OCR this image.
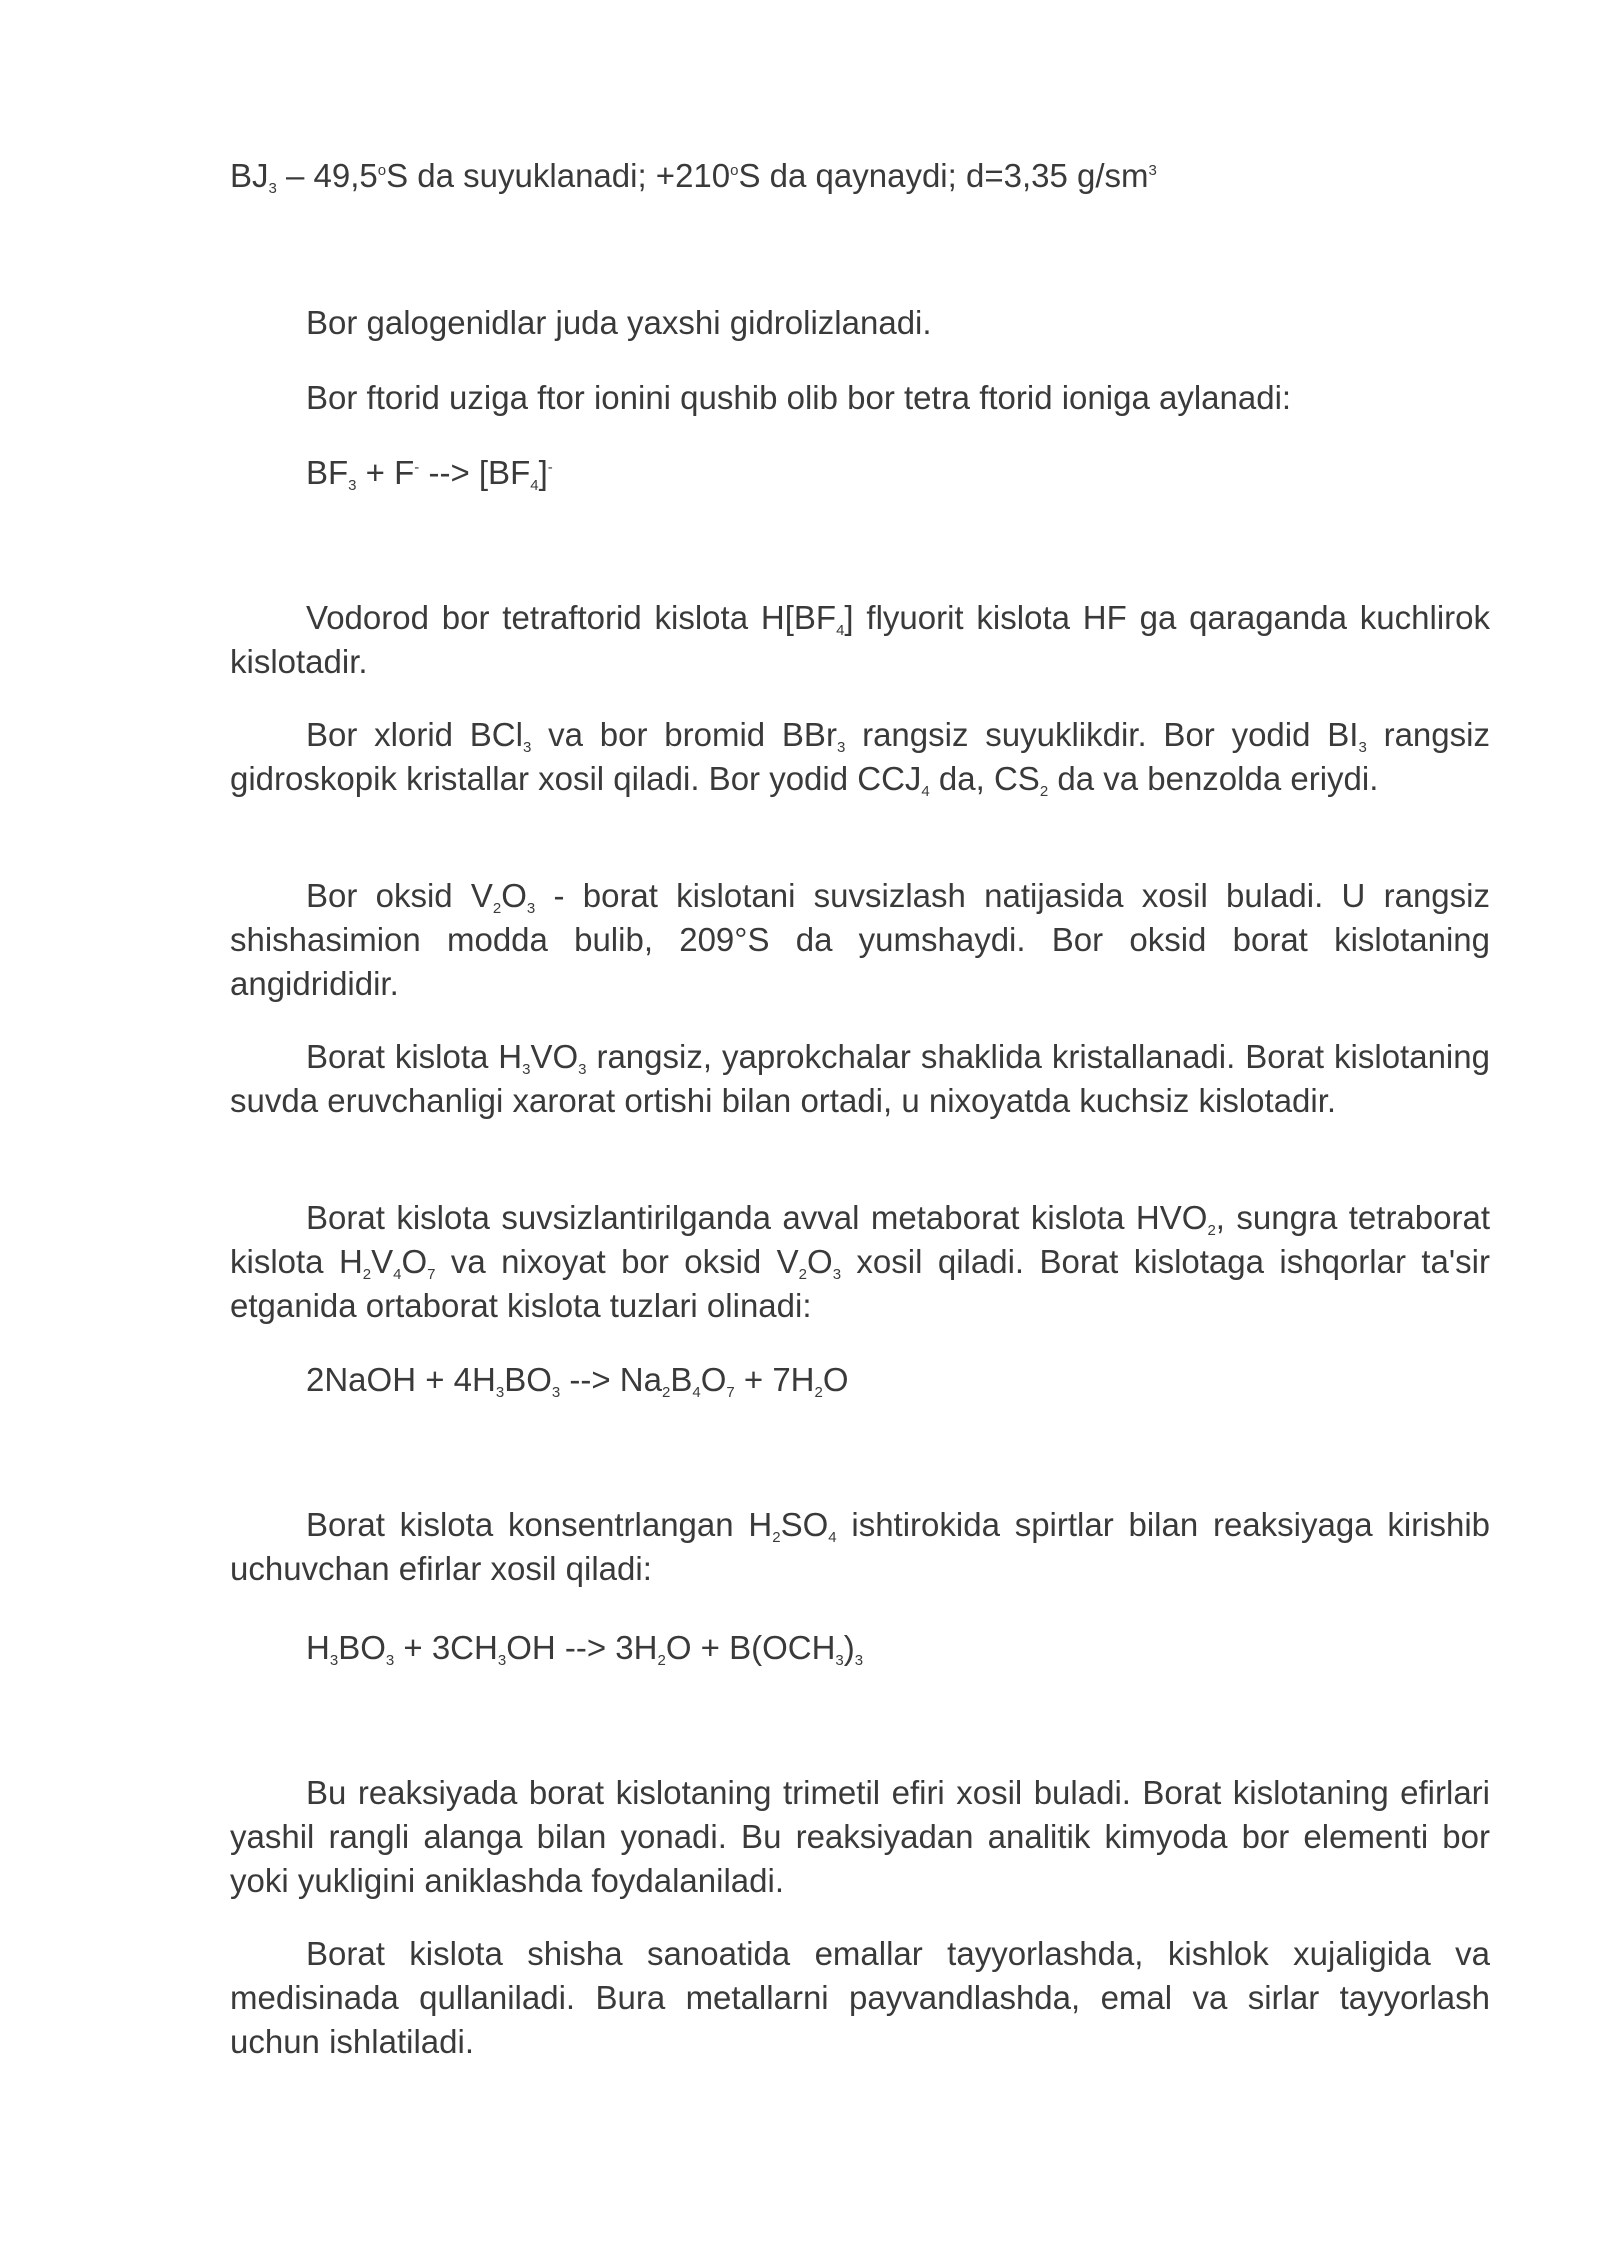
$BJ_3 - 49,5^oS$ da suyuklanadi; $+210^oS$ da qaynaydi; d=3,35 $g/sm^3$

Bor galogenidlar juda yaxshi gidrolizlanadi.

Bor ftorid uziga ftor ionini qushib olib bor tetra ftorid ioniga aylanadi:

$BF_3 + F^-$ --> $[BF_4]^-$

Vodorod bor tetraftorid kislota $H[BF_4]$ flyuorit kislota HF ga qaraganda kuchlirok kislotadir.

Bor xlorid BCl$_3$ va bor bromid BBr$_3$ rangsiz suyuklikdir. Bor yodid $BI_3$ rangsiz gidroskopik kristallar xosil qiladi. Bor yodid $CCJ_4$ da, $CS_2$ da va benzolda eriydi.

Bor oksid $V_2O_3$ - borat kislotani suvsizlash natijasida xosil buladi. U rangsiz shishasimion modda bulib, 209°S da yumshaydi. Bor oksid borat kislotaning angidrididir.

Borat kislota $H_3VO_3$ rangsiz, yaprokchalar shaklida kristallanadi. Borat kislotaning suvda eruvchanligi xarorat ortishi bilan ortadi, u nixoyatda kuchsiz kislotadir.

Borat kislota suvsizlantirilganda avval metaborat kislota $HVO_2$, sungra tetraborat kislota $H_2V_4O_7$ va nixoyat bor oksid $V_2O_3$ xosil qiladi. Borat kislotaga ishqorlar ta'sir etganida ortaborat kislota tuzlari olinadi:

2NaOH + $4H_3BO_3$ --> $Na_2B_4O_7 + 7H_2O$

Borat kislota konsentrlangan $H_2SO_4$ ishtirokida spirtlar bilan reaksiyaga kirishib uchuvchan efirlar xosil qiladi:

$H_3BO_3 + 3CH_3OH$ --> $3H_2O + B(OCH_3)_3$

Bu reaksiyada borat kislotaning trimetil efiri xosil buladi. Borat kislotaning efirlari yashil rangli alanga bilan yonadi. Bu reaksiyadan analitik kimyoda bor elementi bor yoki yukligini aniklashda foydalaniladi.

Borat kislota shisha sanoatida emallar tayyorlashda, kishlok xujaligida va medisinada qullaniladi. Bura metallarni payvandlashda, emal va sirlar tayyorlash uchun ishlatiladi.
